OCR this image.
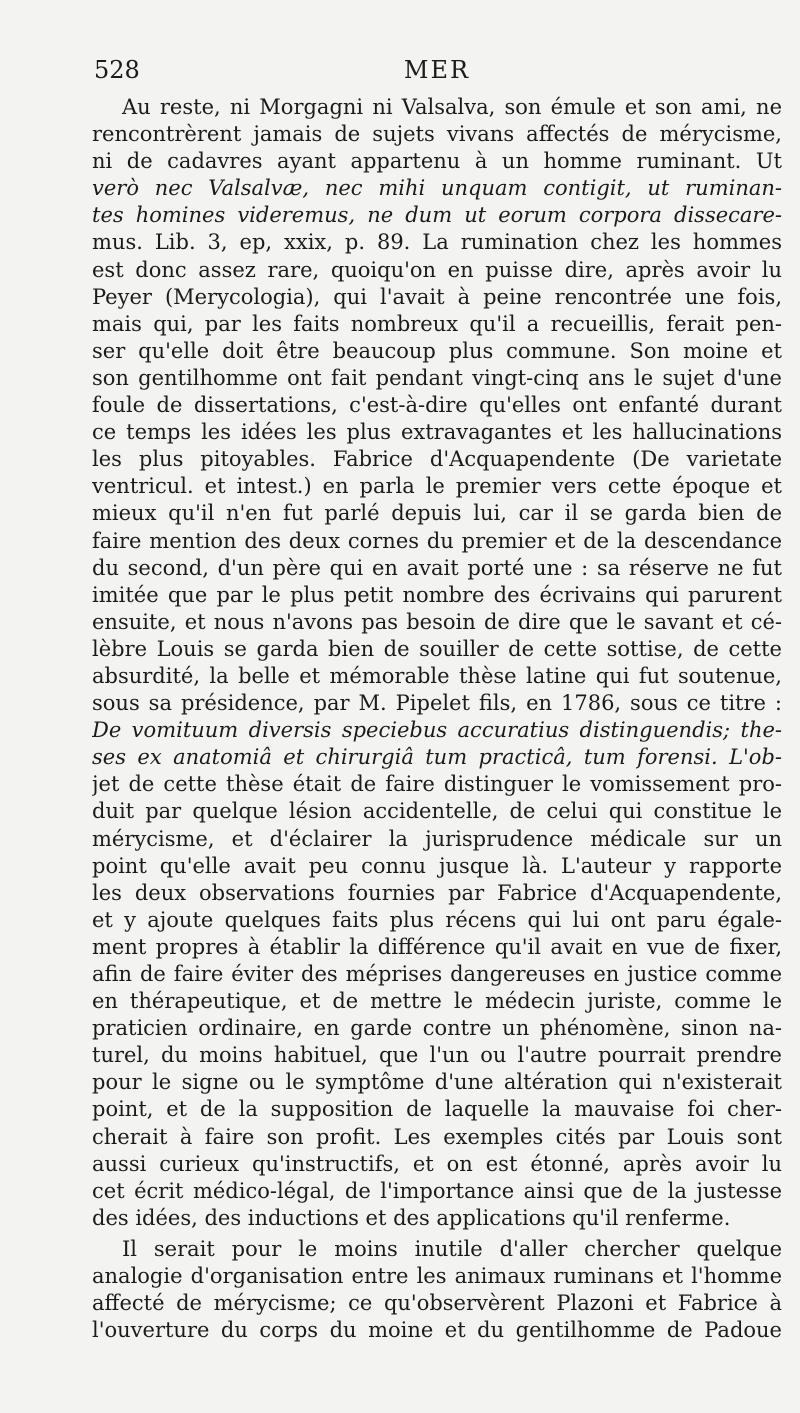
528	MER
Au reste, ni Morgagni ni Valsalva, son émule et son ami, ne
rencontrèrent jamais de sujets vivans affectés de mérycisme,
ni de cadavres ayant appartenu à un homme ruminant. Ut
verò nec Valsalvæ, nec mihi unquam contigit, ut ruminan-
tes homines videremus, ne dum ut eorum corpora dissecare-
mus. Lib. 3, ep, xxix, p. 89. La rumination chez les hommes
est donc assez rare, quoiqu'on en puisse dire, après avoir lu
Peyer (Merycologia), qui l'avait à peine rencontrée une fois,
mais qui, par les faits nombreux qu'il a recueillis, ferait pen-
ser qu'elle doit être beaucoup plus commune. Son moine et
son gentilhomme ont fait pendant vingt-cinq ans le sujet d'une
foule de dissertations, c'est-à-dire qu'elles ont enfanté durant
ce temps les idées les plus extravagantes et les hallucinations
les plus pitoyables. Fabrice d'Acquapendente (De varietate
ventricul. et intest.) en parla le premier vers cette époque et
mieux qu'il n'en fut parlé depuis lui, car il se garda bien de
faire mention des deux cornes du premier et de la descendance
du second, d'un père qui en avait porté une : sa réserve ne fut
imitée que par le plus petit nombre des écrivains qui parurent
ensuite, et nous n'avons pas besoin de dire que le savant et cé-
lèbre Louis se garda bien de souiller de cette sottise, de cette
absurdité, la belle et mémorable thèse latine qui fut soutenue,
sous sa présidence, par M. Pipelet fils, en 1786, sous ce titre :
De vomituum diversis speciebus accuratius distinguendis; the-
ses ex anatomiâ et chirurgiâ tum practicâ, tum forensi. L'ob-
jet de cette thèse était de faire distinguer le vomissement pro-
duit par quelque lésion accidentelle, de celui qui constitue le
mérycisme, et d'éclairer la jurisprudence médicale sur un
point qu'elle avait peu connu jusque là. L'auteur y rapporte
les deux observations fournies par Fabrice d'Acquapendente,
et y ajoute quelques faits plus récens qui lui ont paru égale-
ment propres à établir la différence qu'il avait en vue de fixer,
afin de faire éviter des méprises dangereuses en justice comme
en thérapeutique, et de mettre le médecin juriste, comme le
praticien ordinaire, en garde contre un phénomène, sinon na-
turel, du moins habituel, que l'un ou l'autre pourrait prendre
pour le signe ou le symptôme d'une altération qui n'existerait
point, et de la supposition de laquelle la mauvaise foi cher-
cherait à faire son profit. Les exemples cités par Louis sont
aussi curieux qu'instructifs, et on est étonné, après avoir lu
cet écrit médico-légal, de l'importance ainsi que de la justesse
des idées, des inductions et des applications qu'il renferme.
Il serait pour le moins inutile d'aller chercher quelque
analogie d'organisation entre les animaux ruminans et l'homme
affecté de mérycisme; ce qu'observèrent Plazoni et Fabrice à
l'ouverture du corps du moine et du gentilhomme de Padoue
